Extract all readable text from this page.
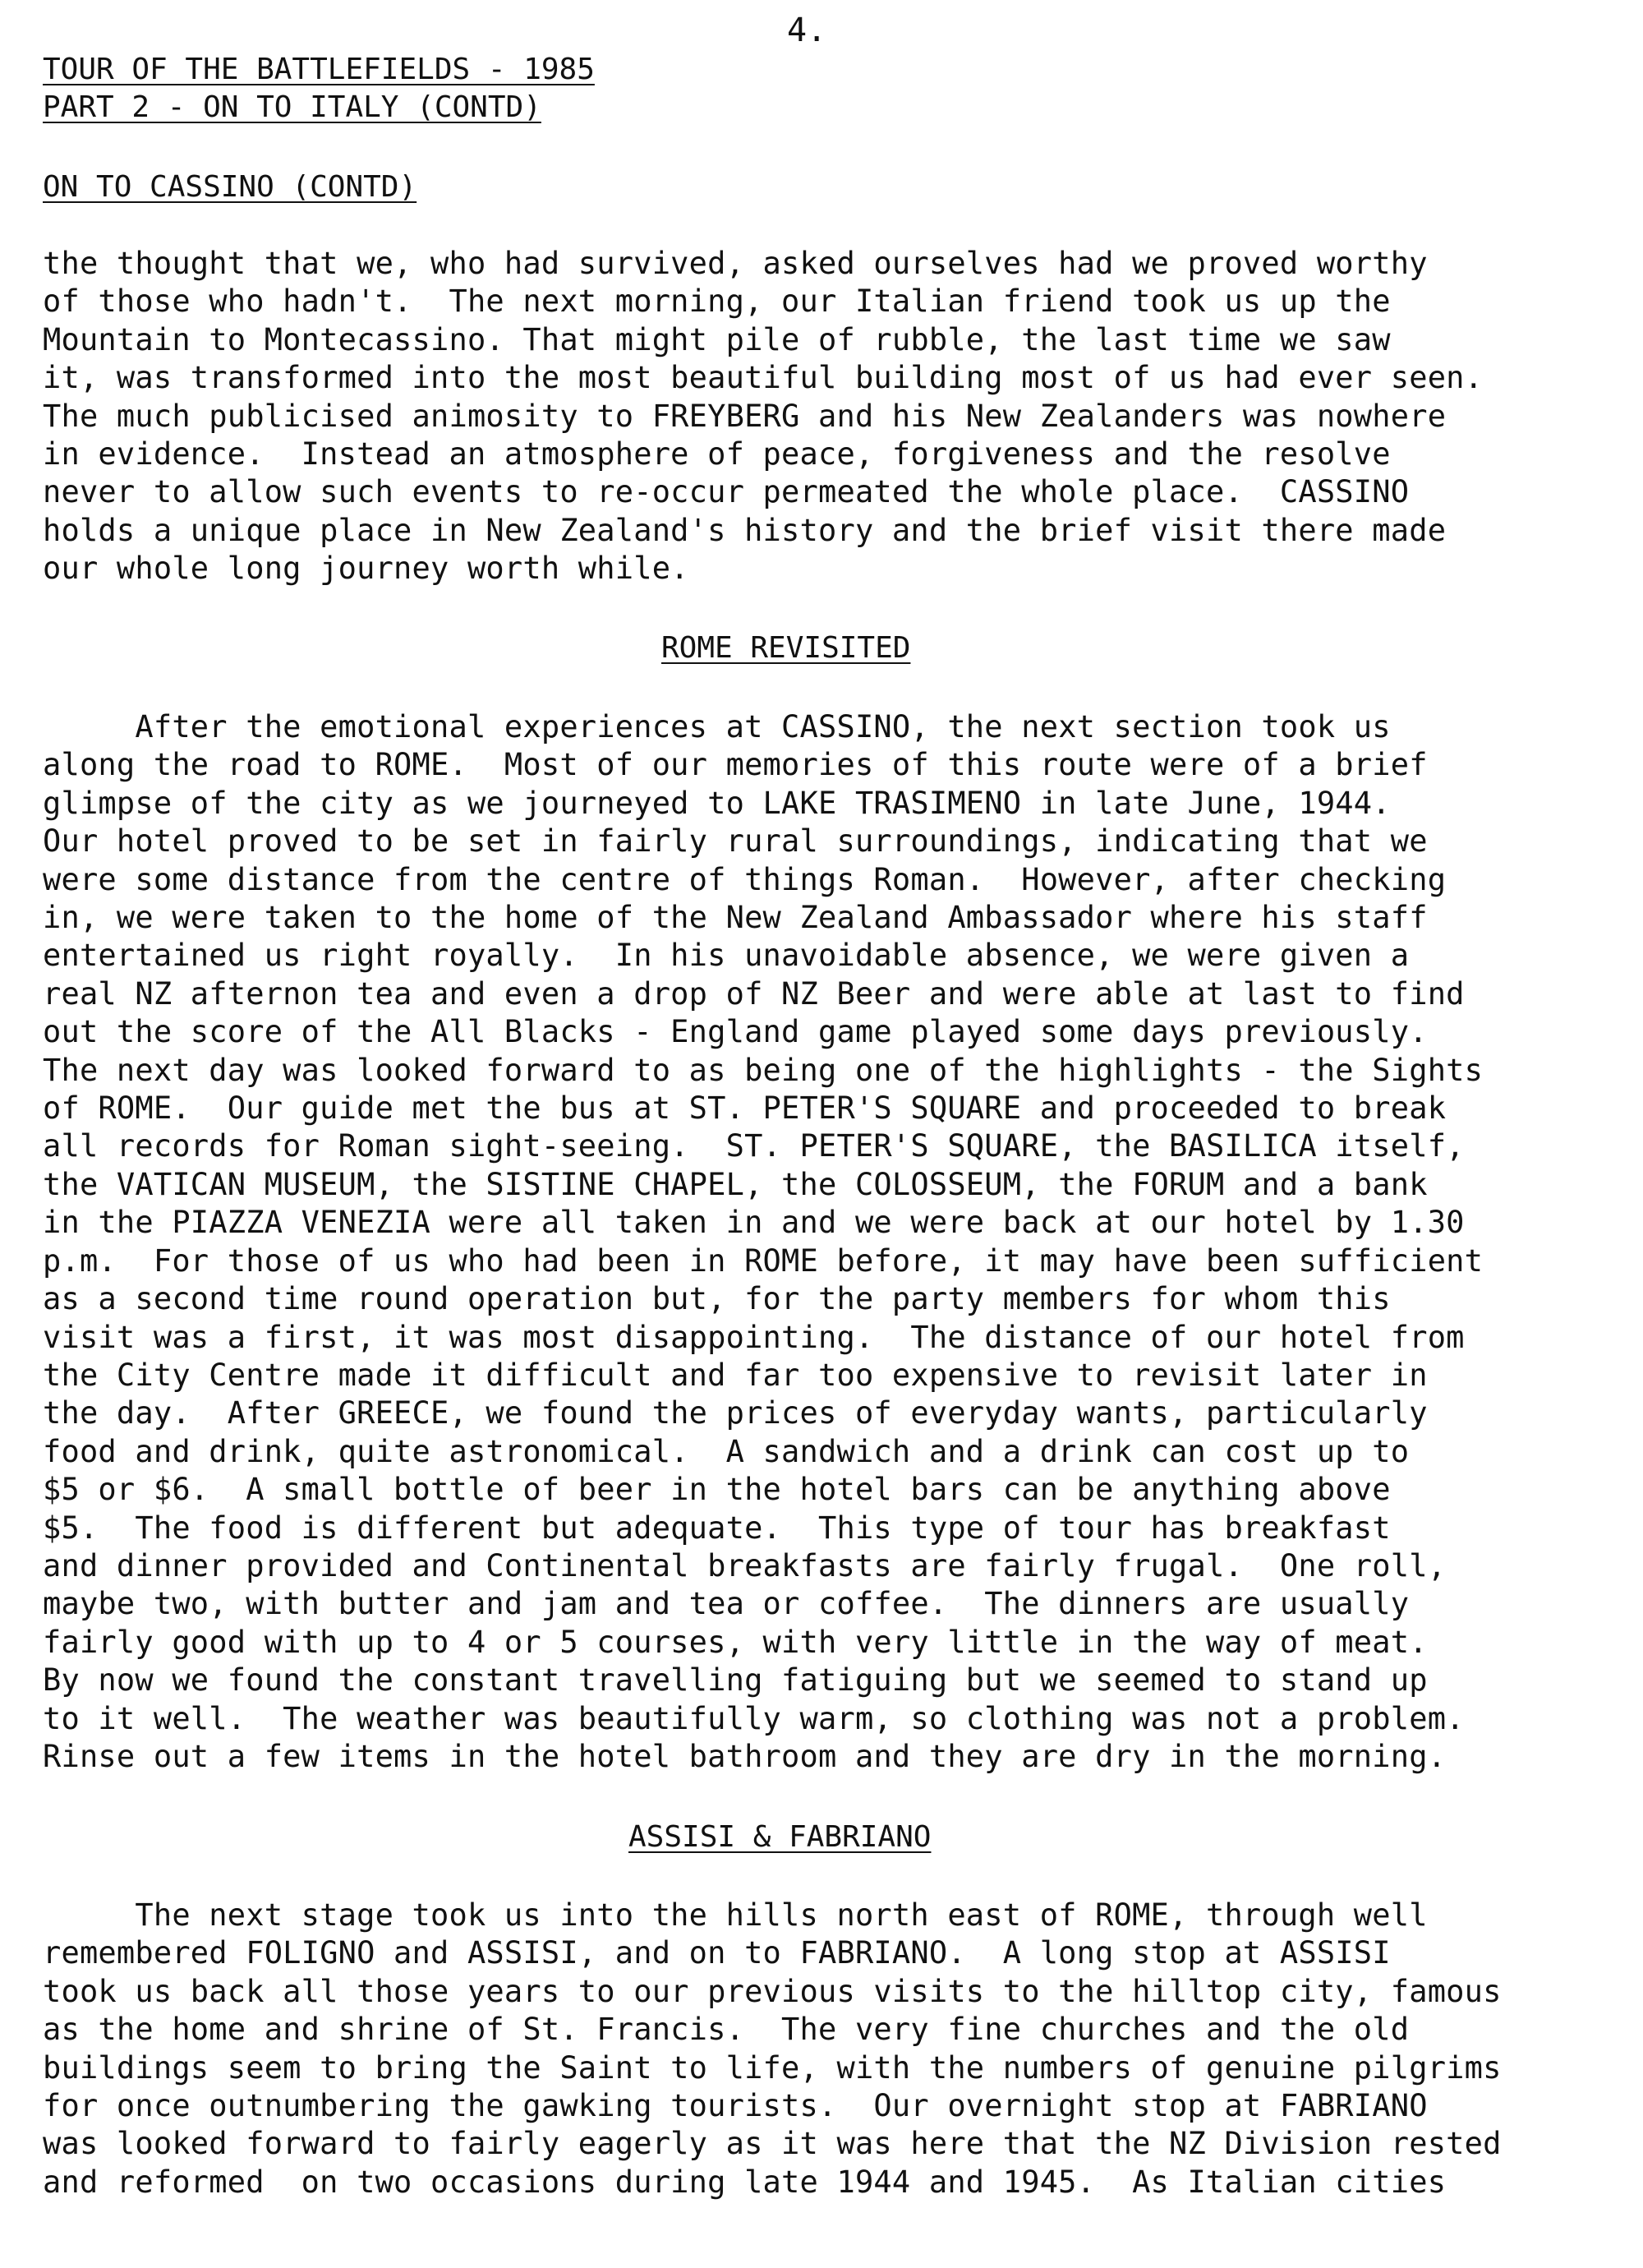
4.
TOUR OF THE BATTLEFIELDS - 1985
PART 2 - ON TO ITALY (CONTD)
ON TO CASSINO (CONTD)
the thought that we, who had survived, asked ourselves had we proved worthy
of those who hadn't.  The next morning, our Italian friend took us up the
Mountain to Montecassino. That might pile of rubble, the last time we saw
it, was transformed into the most beautiful building most of us had ever seen.
The much publicised animosity to FREYBERG and his New Zealanders was nowhere
in evidence.  Instead an atmosphere of peace, forgiveness and the resolve
never to allow such events to re-occur permeated the whole place.  CASSINO
holds a unique place in New Zealand's history and the brief visit there made
our whole long journey worth while.
ROME REVISITED
After the emotional experiences at CASSINO, the next section took us
along the road to ROME.  Most of our memories of this route were of a brief
glimpse of the city as we journeyed to LAKE TRASIMENO in late June, 1944.
Our hotel proved to be set in fairly rural surroundings, indicating that we
were some distance from the centre of things Roman.  However, after checking
in, we were taken to the home of the New Zealand Ambassador where his staff
entertained us right royally.  In his unavoidable absence, we were given a
real NZ afternon tea and even a drop of NZ Beer and were able at last to find
out the score of the All Blacks - England game played some days previously.
The next day was looked forward to as being one of the highlights - the Sights
of ROME.  Our guide met the bus at ST. PETER'S SQUARE and proceeded to break
all records for Roman sight-seeing.  ST. PETER'S SQUARE, the BASILICA itself,
the VATICAN MUSEUM, the SISTINE CHAPEL, the COLOSSEUM, the FORUM and a bank
in the PIAZZA VENEZIA were all taken in and we were back at our hotel by 1.30
p.m.  For those of us who had been in ROME before, it may have been sufficient
as a second time round operation but, for the party members for whom this
visit was a first, it was most disappointing.  The distance of our hotel from
the City Centre made it difficult and far too expensive to revisit later in
the day.  After GREECE, we found the prices of everyday wants, particularly
food and drink, quite astronomical.  A sandwich and a drink can cost up to
$5 or $6.  A small bottle of beer in the hotel bars can be anything above
$5.  The food is different but adequate.  This type of tour has breakfast
and dinner provided and Continental breakfasts are fairly frugal.  One roll,
maybe two, with butter and jam and tea or coffee.  The dinners are usually
fairly good with up to 4 or 5 courses, with very little in the way of meat.
By now we found the constant travelling fatiguing but we seemed to stand up
to it well.  The weather was beautifully warm, so clothing was not a problem.
Rinse out a few items in the hotel bathroom and they are dry in the morning.
ASSISI & FABRIANO
The next stage took us into the hills north east of ROME, through well
remembered FOLIGNO and ASSISI, and on to FABRIANO.  A long stop at ASSISI
took us back all those years to our previous visits to the hilltop city, famous
as the home and shrine of St. Francis.  The very fine churches and the old
buildings seem to bring the Saint to life, with the numbers of genuine pilgrims
for once outnumbering the gawking tourists.  Our overnight stop at FABRIANO
was looked forward to fairly eagerly as it was here that the NZ Division rested
and reformed  on two occasions during late 1944 and 1945.  As Italian cities
